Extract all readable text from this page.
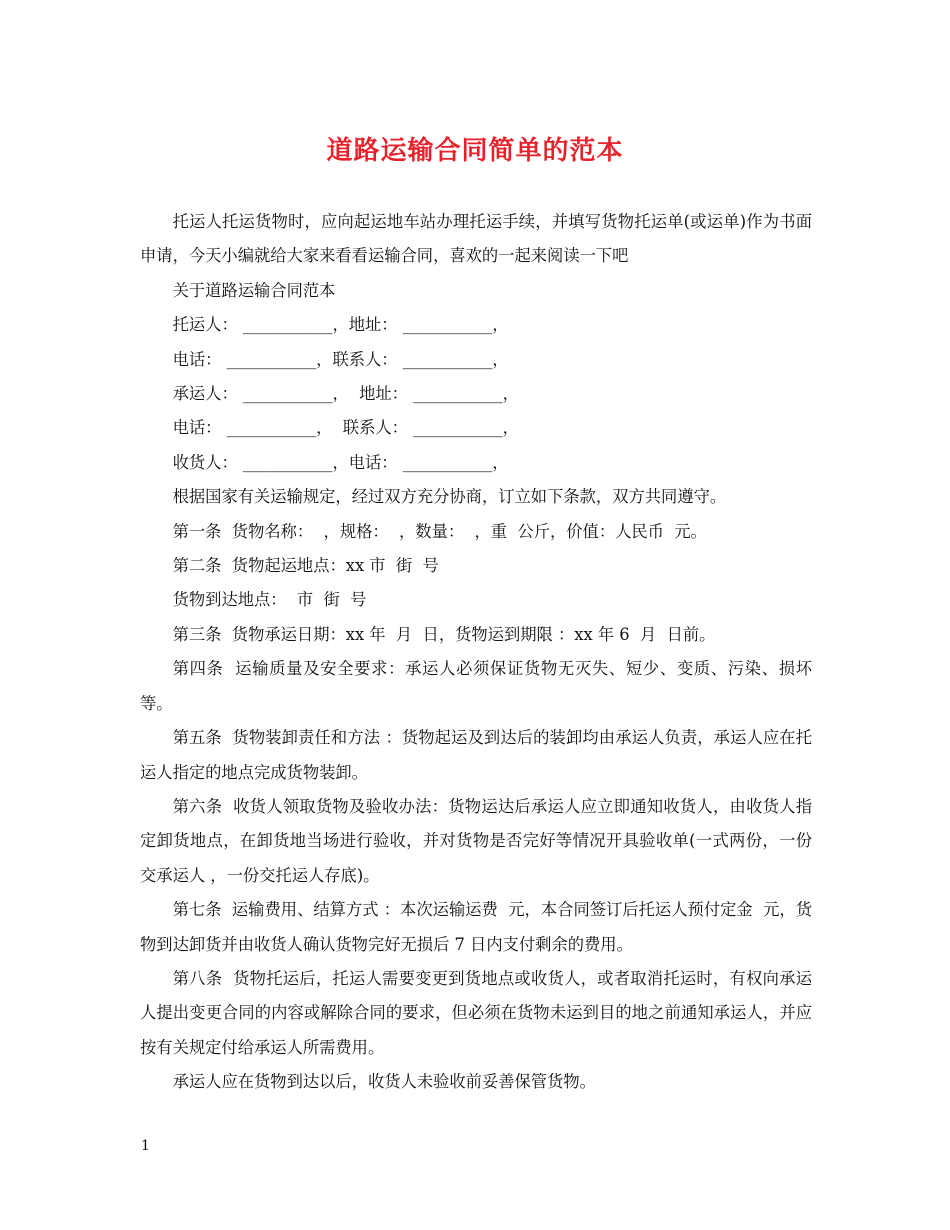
道路运输合同简单的范本

托运人托运货物时，应向起运地车站办理托运手续，并填写货物托运单(或运单)作为书面申请，今天小编就给大家来看看运输合同，喜欢的一起来阅读一下吧

关于道路运输合同范本

托运人： ___________，地址： ___________，

电话： ___________，联系人： ___________，

承运人： ___________，  地址： ___________，

电话： ___________，  联系人： ___________，

收货人： ___________，电话： ___________，

根据国家有关运输规定，经过双方充分协商，订立如下条款，双方共同遵守。

第一条  货物名称：  ，规格：  ，数量：  ，重  公斤，价值：人民币  元。

第二条  货物起运地点：xx 市  街  号

货物到达地点：  市  街  号

第三条  货物承运日期：xx 年  月  日，货物运到期限 ：xx 年 6  月  日前。

第四条  运输质量及安全要求：承运人必须保证货物无灭失、短少、变质、污染、损坏等。

第五条  货物装卸责任和方法 ：货物起运及到达后的装卸均由承运人负责，承运人应在托运人指定的地点完成货物装卸。

第六条  收货人领取货物及验收办法：货物运达后承运人应立即通知收货人，由收货人指定卸货地点，在卸货地当场进行验收，并对货物是否完好等情况开具验收单(一式两份，一份交承运人 ，一份交托运人存底)。

第七条  运输费用、结算方式 ：本次运输运费  元，本合同签订后托运人预付定金  元，货物到达卸货并由收货人确认货物完好无损后 7 日内支付剩余的费用。

第八条  货物托运后，托运人需要变更到货地点或收货人，或者取消托运时，有权向承运人提出变更合同的内容或解除合同的要求，但必须在货物未运到目的地之前通知承运人，并应按有关规定付给承运人所需费用。

承运人应在货物到达以后，收货人未验收前妥善保管货物。

1
